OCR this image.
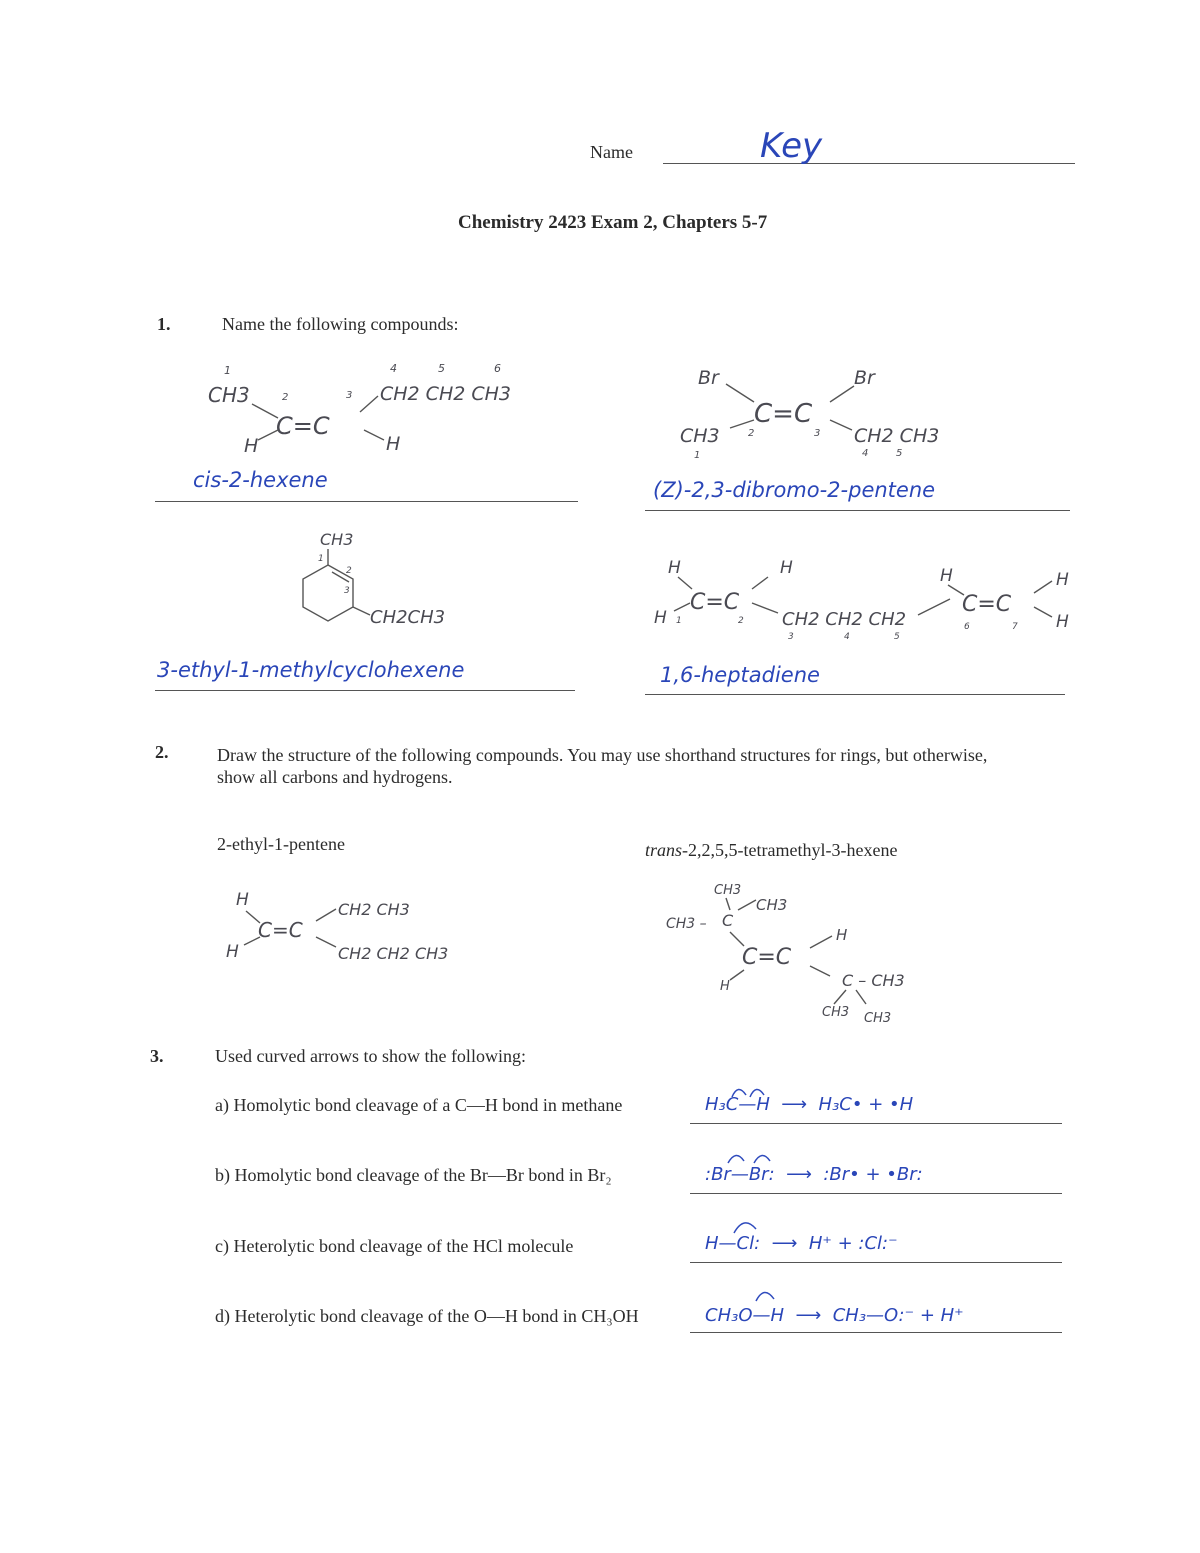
Name	Key
Chemistry 2423 Exam 2, Chapters 5-7
1.	Name the following compounds:
1
CH3	2	3
4	5	6
C=C
CH2 CH2 CH3
H	H
cis-2-hexene
Br
C=C
Br
CH3
1
2	3 CH2 CH3
4	5
(Z)-2,3-dibromo-2-pentene
CH3
2
3
1
CH2CH3
3-ethyl-1-methylcyclohexene
H
C=C
H 1	2
H
CH2 CH2 CH2
3	4	5
H
C=C
6	7
H
H
1,6-heptadiene
2.	Draw the structure of the following compounds. You may use shorthand structures for rings, but otherwise, show all carbons and hydrogens.
2-ethyl-1-pentene	trans-2,2,5,5-tetramethyl-3-hexene
H
C=C
H
CH2 CH3
CH2 CH2 CH3
CH3
CH3
CH3 – C
C=C
H
H
C – CH3
CH3 CH3
3.	Used curved arrows to show the following:
a) Homolytic bond cleavage of a C—H bond in methane	H₃C—H  ⟶  H₃C• + •H
b) Homolytic bond cleavage of the Br—Br bond in Br₂	:Br—Br:  ⟶  :Br• + •Br:
c) Heterolytic bond cleavage of the HCl molecule	H—Cl:  ⟶  H⁺ + :Cl:⁻
d) Heterolytic bond cleavage of the O—H bond in CH₃OH	CH₃O—H  ⟶  CH₃—O:⁻ + H⁺
